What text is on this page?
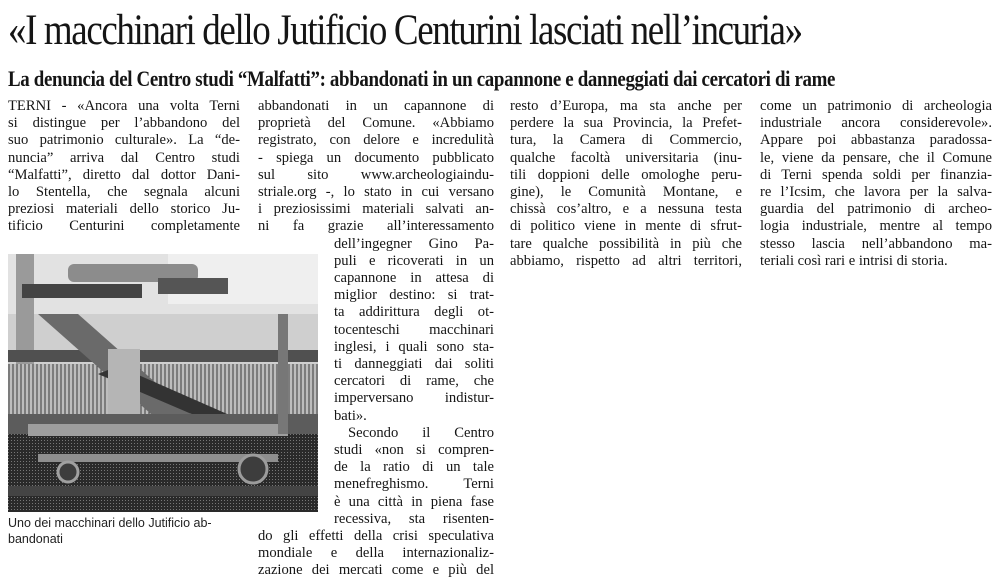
«I macchinari dello Jutificio Centurini lasciati nell’incuria»
La denuncia del Centro studi “Malfatti”: abbandonati in un capannone e danneggiati dai cercatori di rame
TERNI - «Ancora una volta Terni
si distingue per l’abbandono del
suo patrimonio culturale». La “de-
nuncia” arriva dal Centro studi
“Malfatti”, diretto dal dottor Dani-
lo Stentella, che segnala alcuni
preziosi materiali dello storico Ju-
tificio Centurini completamente
Uno dei macchinari dello Jutificio ab-
bandonati
abbandonati in un capannone di
proprietà del Comune. «Abbiamo
registrato, con delore e incredulità
- spiega un documento pubblicato
sul sito www.archeologiaindu-
striale.org -, lo stato in cui versano
i preziosissimi materiali salvati an-
ni fa grazie all’interessamento
dell’ingegner Gino Pa-
puli e ricoverati in un
capannone in attesa di
miglior destino: si trat-
ta addirittura degli ot-
tocenteschi macchinari
inglesi, i quali sono sta-
ti danneggiati dai soliti
cercatori di rame, che
imperversano indistur-
bati».
Secondo il Centro
studi «non si compren-
de la ratio di un tale
menefreghismo. Terni
è una città in piena fase
recessiva, sta risenten-
do gli effetti della crisi speculativa
mondiale e della internazionaliz-
zazione dei mercati come e più del
resto d’Europa, ma sta anche per
perdere la sua Provincia, la Prefet-
tura, la Camera di Commercio,
qualche facoltà universitaria (inu-
tili doppioni delle omologhe peru-
gine), le Comunità Montane, e
chissà cos’altro, e a nessuna testa
di politico viene in mente di sfrut-
tare qualche possibilità in più che
abbiamo, rispetto ad altri territori,
come un patrimonio di archeologia
industriale ancora considerevole».
Appare poi abbastanza paradossa-
le, viene da pensare, che il Comune
di Terni spenda soldi per finanzia-
re l’Icsim, che lavora per la salva-
guardia del patrimonio di archeo-
logia industriale, mentre al tempo
stesso lascia nell’abbandono ma-
teriali così rari e intrisi di storia.
